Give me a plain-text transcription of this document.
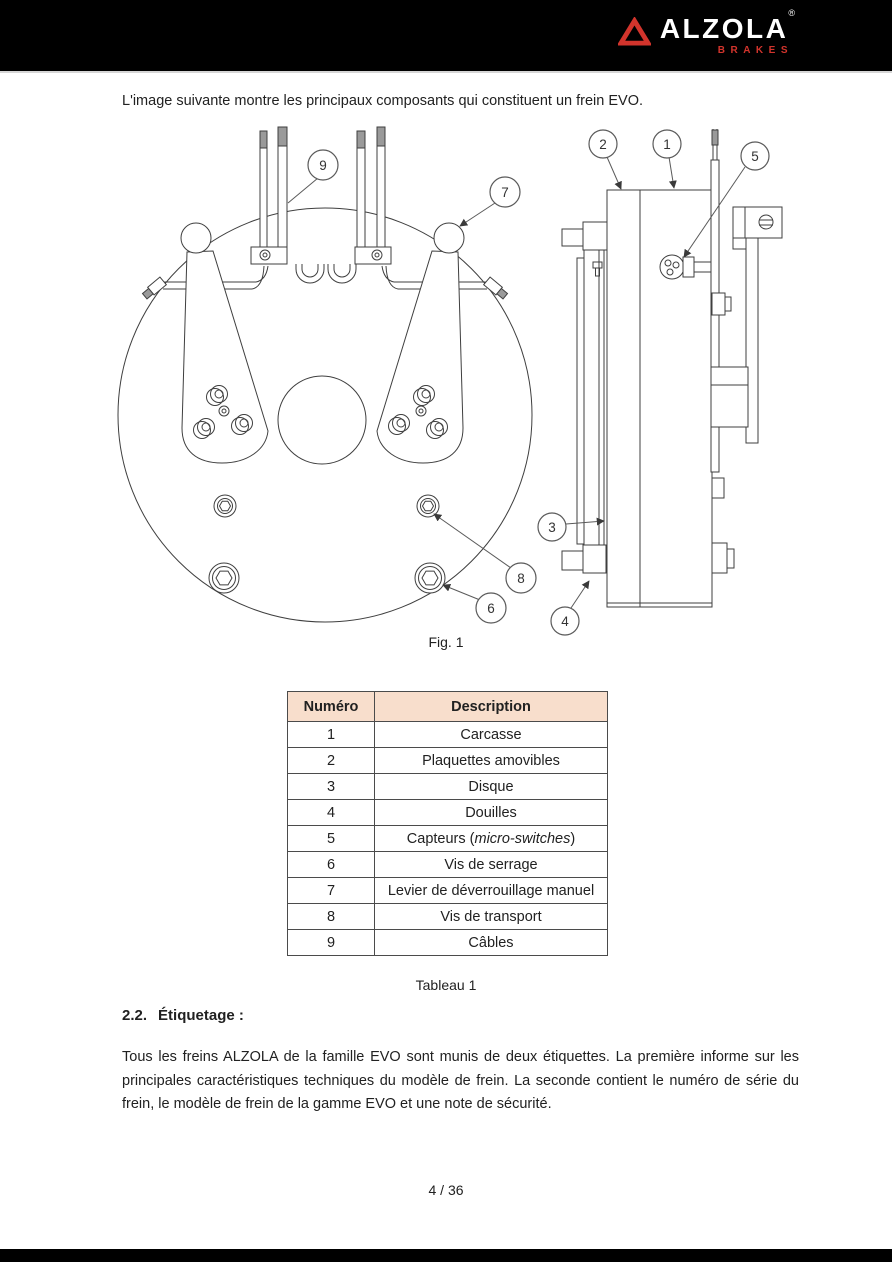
ALZOLA®
BRAKES
L'image suivante montre les principaux composants qui constituent un frein EVO.
9
7
8
6
2	1
5
3
4
Fig. 1
Numéro	Description
1	Carcasse
2	Plaquettes amovibles
3	Disque
4	Douilles
5	Capteurs (micro-switches)
6	Vis de serrage
7	Levier de déverrouillage manuel
8	Vis de transport
9	Câbles
Tableau 1
2.2. Étiquetage :

Tous les freins ALZOLA de la famille EVO sont munis de deux étiquettes. La première informe sur les principales caractéristiques techniques du modèle de frein. La seconde contient le numéro de série du frein, le modèle de frein de la gamme EVO et une note de sécurité.

4 / 36
